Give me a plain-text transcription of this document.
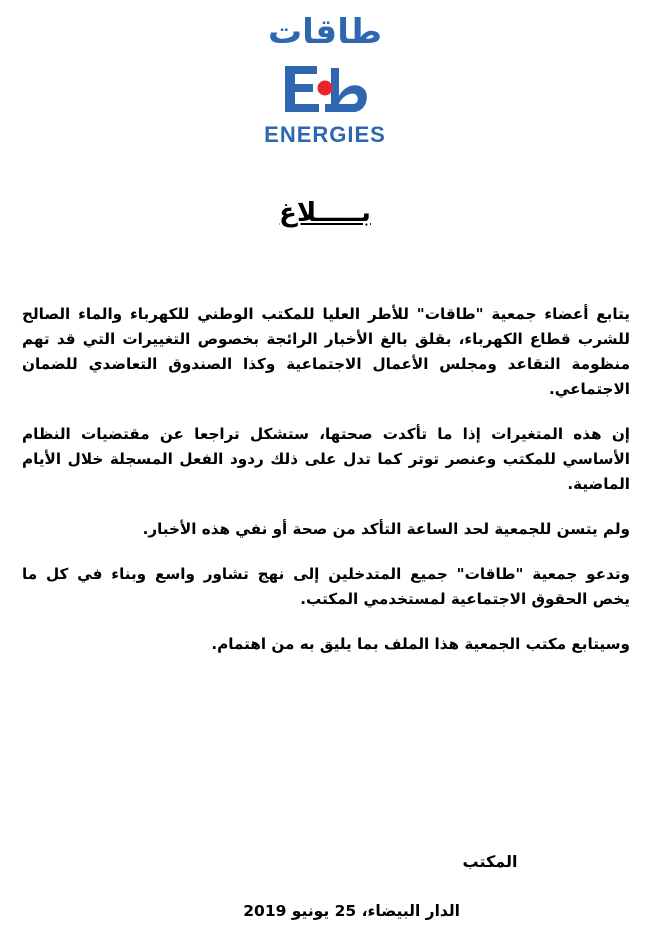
طاقات
ENERGIES
بـــــلاغ

يتابع أعضاء جمعية "طاقات" للأطر العليا للمكتب الوطني للكهرباء والماء الصالح للشرب قطاع الكهرباء، بقلق بالغ الأخبار الرائجة بخصوص التغييرات التي قد تهم منظومة التقاعد ومجلس الأعمال الاجتماعية وكذا الصندوق التعاضدي للضمان الاجتماعي.

إن هذه المتغيرات إذا ما تأكدت صحتها، ستشكل تراجعا عن مقتضيات النظام الأساسي للمكتب وعنصر توتر كما تدل على ذلك ردود الفعل المسجلة خلال الأيام الماضية.

ولم يتسن للجمعية لحد الساعة التأكد من صحة أو نفي هذه الأخبار.

وتدعو جمعية "طاقات" جميع المتدخلين إلى نهج تشاور واسع وبناء في كل ما يخص الحقوق الاجتماعية لمستخدمي المكتب.

وسيتابع مكتب الجمعية هذا الملف بما يليق به من اهتمام.

المكتب
الدار البيضاء، 25 يونيو 2019
